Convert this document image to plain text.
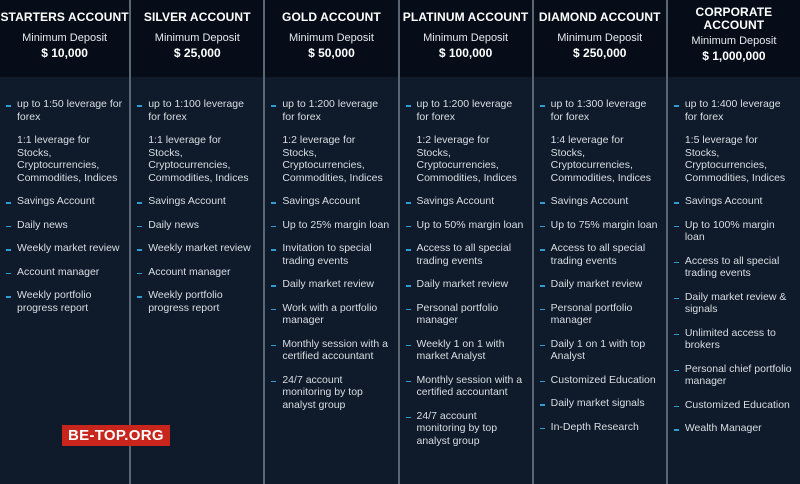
STARTERS ACCOUNT
Minimum Deposit
$ 10,000
up to 1:50 leverage for forex
1:1 leverage for Stocks, Cryptocurrencies, Commodities, Indices
Savings Account
Daily news
Weekly market review
Account manager
Weekly portfolio progress report
SILVER ACCOUNT
Minimum Deposit
$ 25,000
up to 1:100 leverage for forex
1:1 leverage for Stocks, Cryptocurrencies, Commodities, Indices
Savings Account
Daily news
Weekly market review
Account manager
Weekly portfolio progress report
GOLD ACCOUNT
Minimum Deposit
$ 50,000
up to 1:200 leverage for forex
1:2 leverage for Stocks, Cryptocurrencies, Commodities, Indices
Savings Account
Up to 25% margin loan
Invitation to special trading events
Daily market review
Work with a portfolio manager
Monthly session with a certified accountant
24/7 account monitoring by top analyst group
PLATINUM ACCOUNT
Minimum Deposit
$ 100,000
up to 1:200 leverage for forex
1:2 leverage for Stocks, Cryptocurrencies, Commodities, Indices
Savings Account
Up to 50% margin loan
Access to all special trading events
Daily market review
Personal portfolio manager
Weekly 1 on 1 with market Analyst
Monthly session with a certified accountant
24/7 account monitoring by top analyst group
DIAMOND ACCOUNT
Minimum Deposit
$ 250,000
up to 1:300 leverage for forex
1:4 leverage for Stocks, Cryptocurrencies, Commodities, Indices
Savings Account
Up to 75% margin loan
Access to all special trading events
Daily market review
Personal portfolio manager
Daily 1 on 1 with top Analyst
Customized Education
Daily market signals
In-Depth Research
CORPORATE ACCOUNT
Minimum Deposit
$ 1,000,000
up to 1:400 leverage for forex
1:5 leverage for Stocks, Cryptocurrencies, Commodities, Indices
Savings Account
Up to 100% margin loan
Access to all special trading events
Daily market review & signals
Unlimited access to brokers
Personal chief portfolio manager
Customized Education
Wealth Manager
BE-TOP.ORG
